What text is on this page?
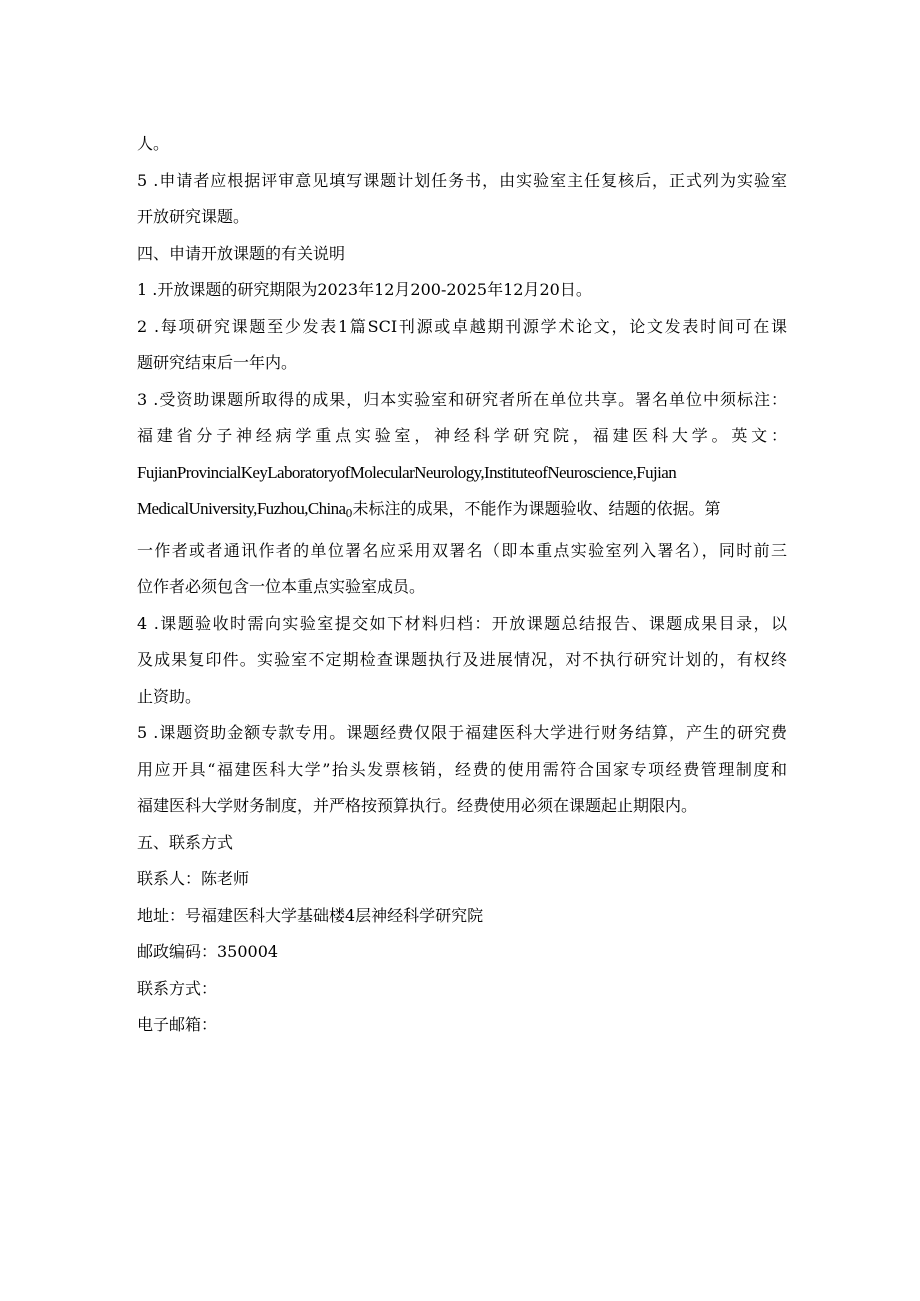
人。

5 .申请者应根据评审意见填写课题计划任务书，由实验室主任复核后，正式列为实验室

开放研究课题。

四、申请开放课题的有关说明

1 .开放课题的研究期限为2023年12月200-2025年12月20日。

2 .每项研究课题至少发表1篇SCI刊源或卓越期刊源学术论文，论文发表时间可在课

题研究结束后一年内。

3 .受资助课题所取得的成果，归本实验室和研究者所在单位共享。署名单位中须标注：

福建省分子神经病学重点实验室，神经科学研究院，福建医科大学。英文：

FujianProvincialKeyLaboratoryofMolecularNeurology,InstituteofNeuroscience,Fujian

MedicalUniversity,Fuzhou,China$_0$未标注的成果，不能作为课题验收、结题的依据。第

一作者或者通讯作者的单位署名应采用双署名（即本重点实验室列入署名），同时前三

位作者必须包含一位本重点实验室成员。

4 .课题验收时需向实验室提交如下材料归档：开放课题总结报告、课题成果目录，以

及成果复印件。实验室不定期检查课题执行及进展情况，对不执行研究计划的，有权终

止资助。

5 .课题资助金额专款专用。课题经费仅限于福建医科大学进行财务结算，产生的研究费

用应开具“福建医科大学”抬头发票核销，经费的使用需符合国家专项经费管理制度和

福建医科大学财务制度，并严格按预算执行。经费使用必须在课题起止期限内。

五、联系方式

联系人：陈老师

地址：号福建医科大学基础楼4层神经科学研究院

邮政编码：350004

联系方式：

电子邮箱：
